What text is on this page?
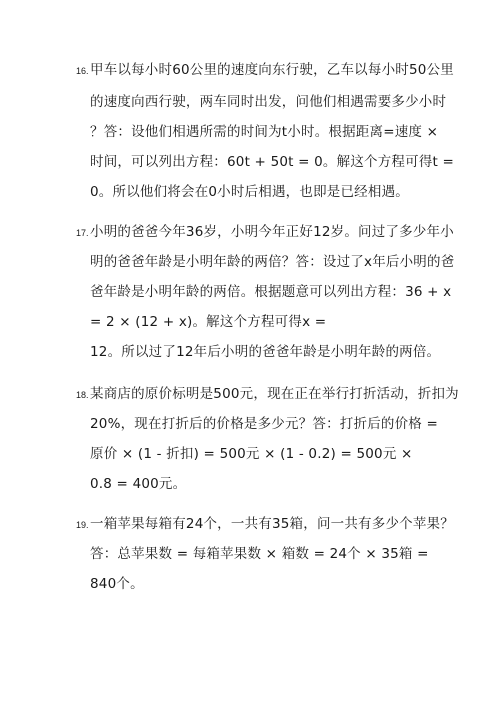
16. 甲车以每小时60公里的速度向东行驶，乙车以每小时50公里
的速度向西行驶，两车同时出发，问他们相遇需要多少小时
？答：设他们相遇所需的时间为t小时。根据距离=速度 ×
时间，可以列出方程：60t + 50t = 0。解这个方程可得t =
0。所以他们将会在0小时后相遇，也即是已经相遇。
17. 小明的爸爸今年36岁，小明今年正好12岁。问过了多少年小
明的爸爸年龄是小明年龄的两倍？答：设过了x年后小明的爸
爸年龄是小明年龄的两倍。根据题意可以列出方程：36 + x
= 2 × (12 + x)。解这个方程可得x =
12。所以过了12年后小明的爸爸年龄是小明年龄的两倍。
18. 某商店的原价标明是500元，现在正在举行打折活动，折扣为
20%，现在打折后的价格是多少元？答：打折后的价格 =
原价 × (1 - 折扣) = 500元 × (1 - 0.2) = 500元 ×
0.8 = 400元。
19. 一箱苹果每箱有24个，一共有35箱，问一共有多少个苹果？
答：总苹果数 = 每箱苹果数 × 箱数 = 24个 × 35箱 =
840个。
